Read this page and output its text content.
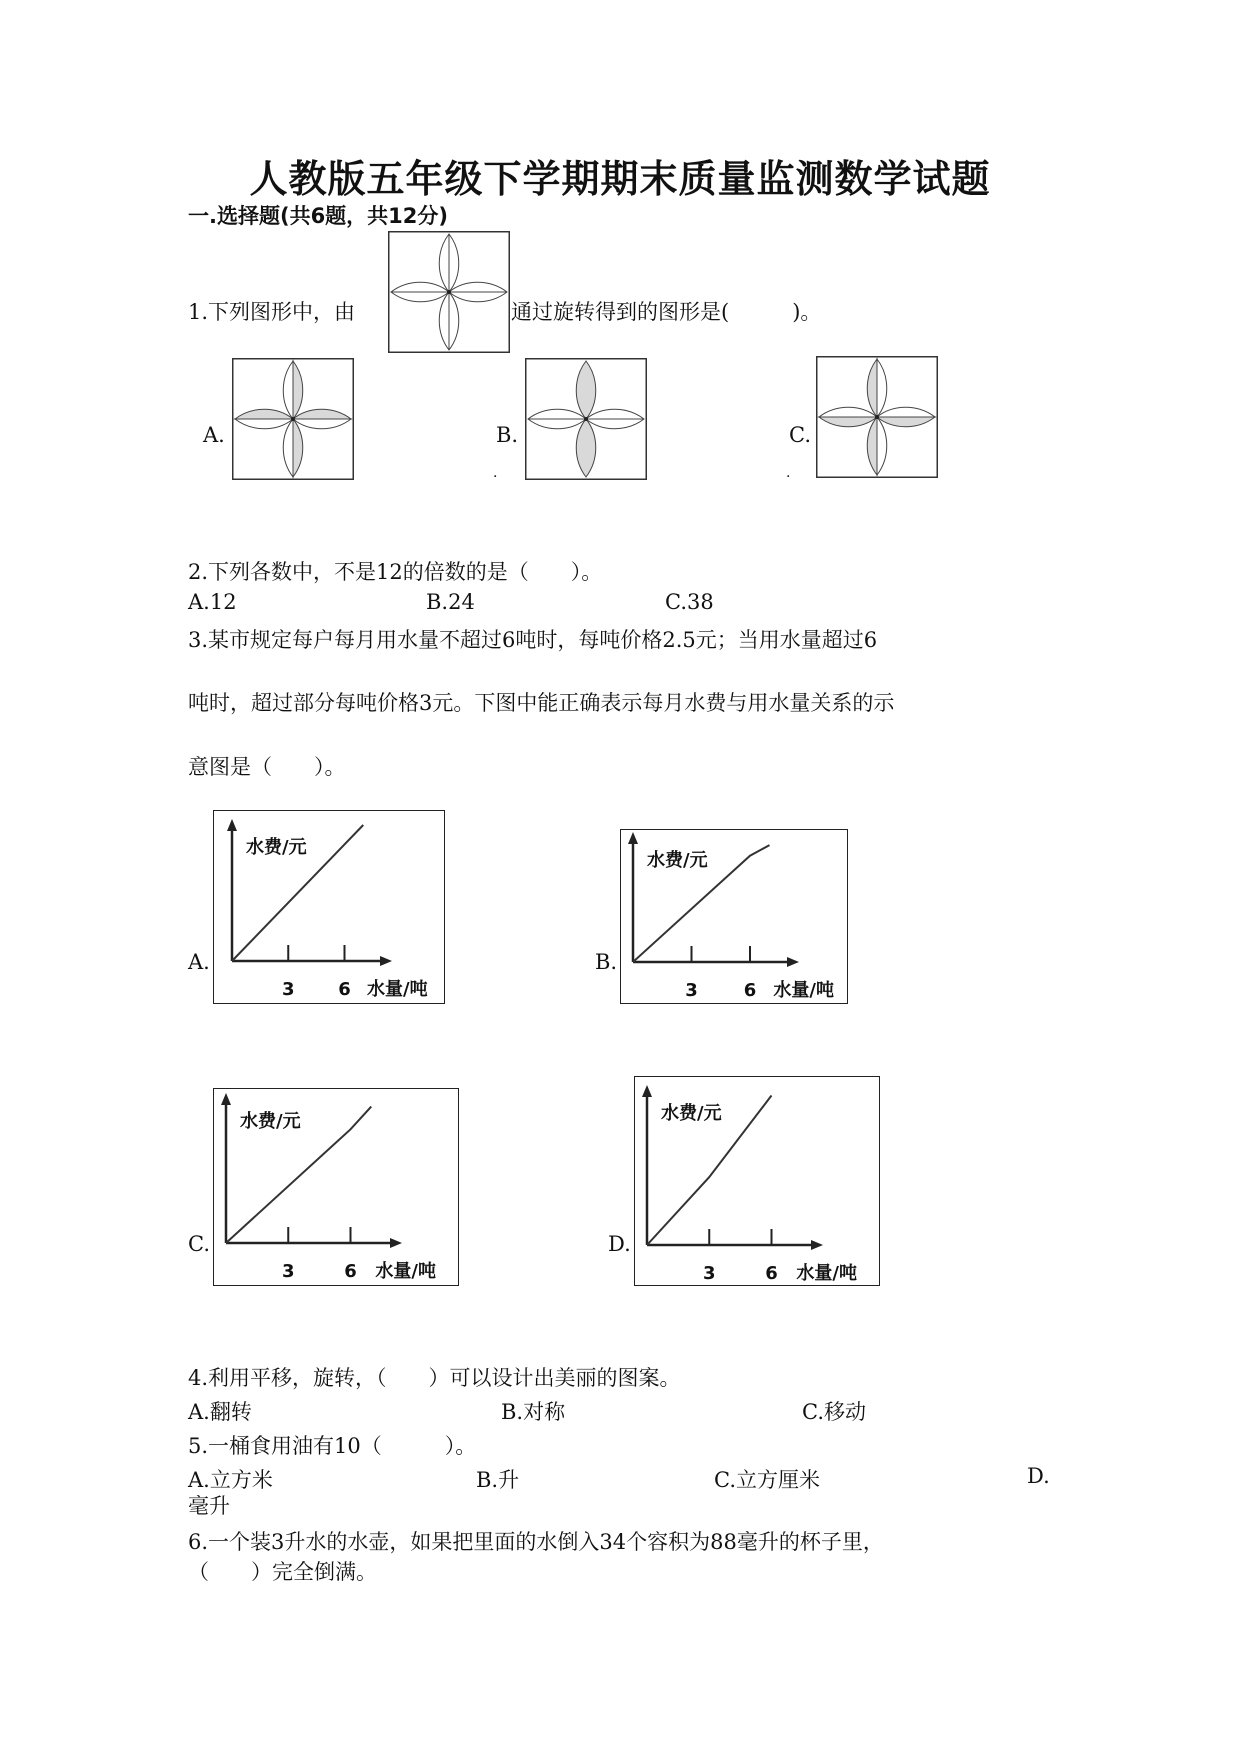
人教版五年级下学期期末质量监测数学试题
一.选择题(共6题，共12分)
1.下列图形中，由	通过旋转得到的图形是(　　　)。
A.	B.
.
C.
.
2.下列各数中，不是12的倍数的是（　　）。
A.12	B.24	C.38
3.某市规定每户每月用水量不超过6吨时，每吨价格2.5元；当用水量超过6
吨时，超过部分每吨价格3元。下图中能正确表示每月水费与用水量关系的示
意图是（　　）。
A.	B.
C.	D.
3 6 水量/吨
水费/元
3	6 水量/吨
水费/元
3	6 水量/吨
水费/元
3	6 水量/吨
水费/元
4.利用平移，旋转，（　　）可以设计出美丽的图案。
A.翻转	B.对称	C.移动
5.一桶食用油有10（　　　）。
A.立方米	B.升	C.立方厘米	D.
毫升
6.一个装3升水的水壶，如果把里面的水倒入34个容积为88毫升的杯子里，
（　　）完全倒满。
